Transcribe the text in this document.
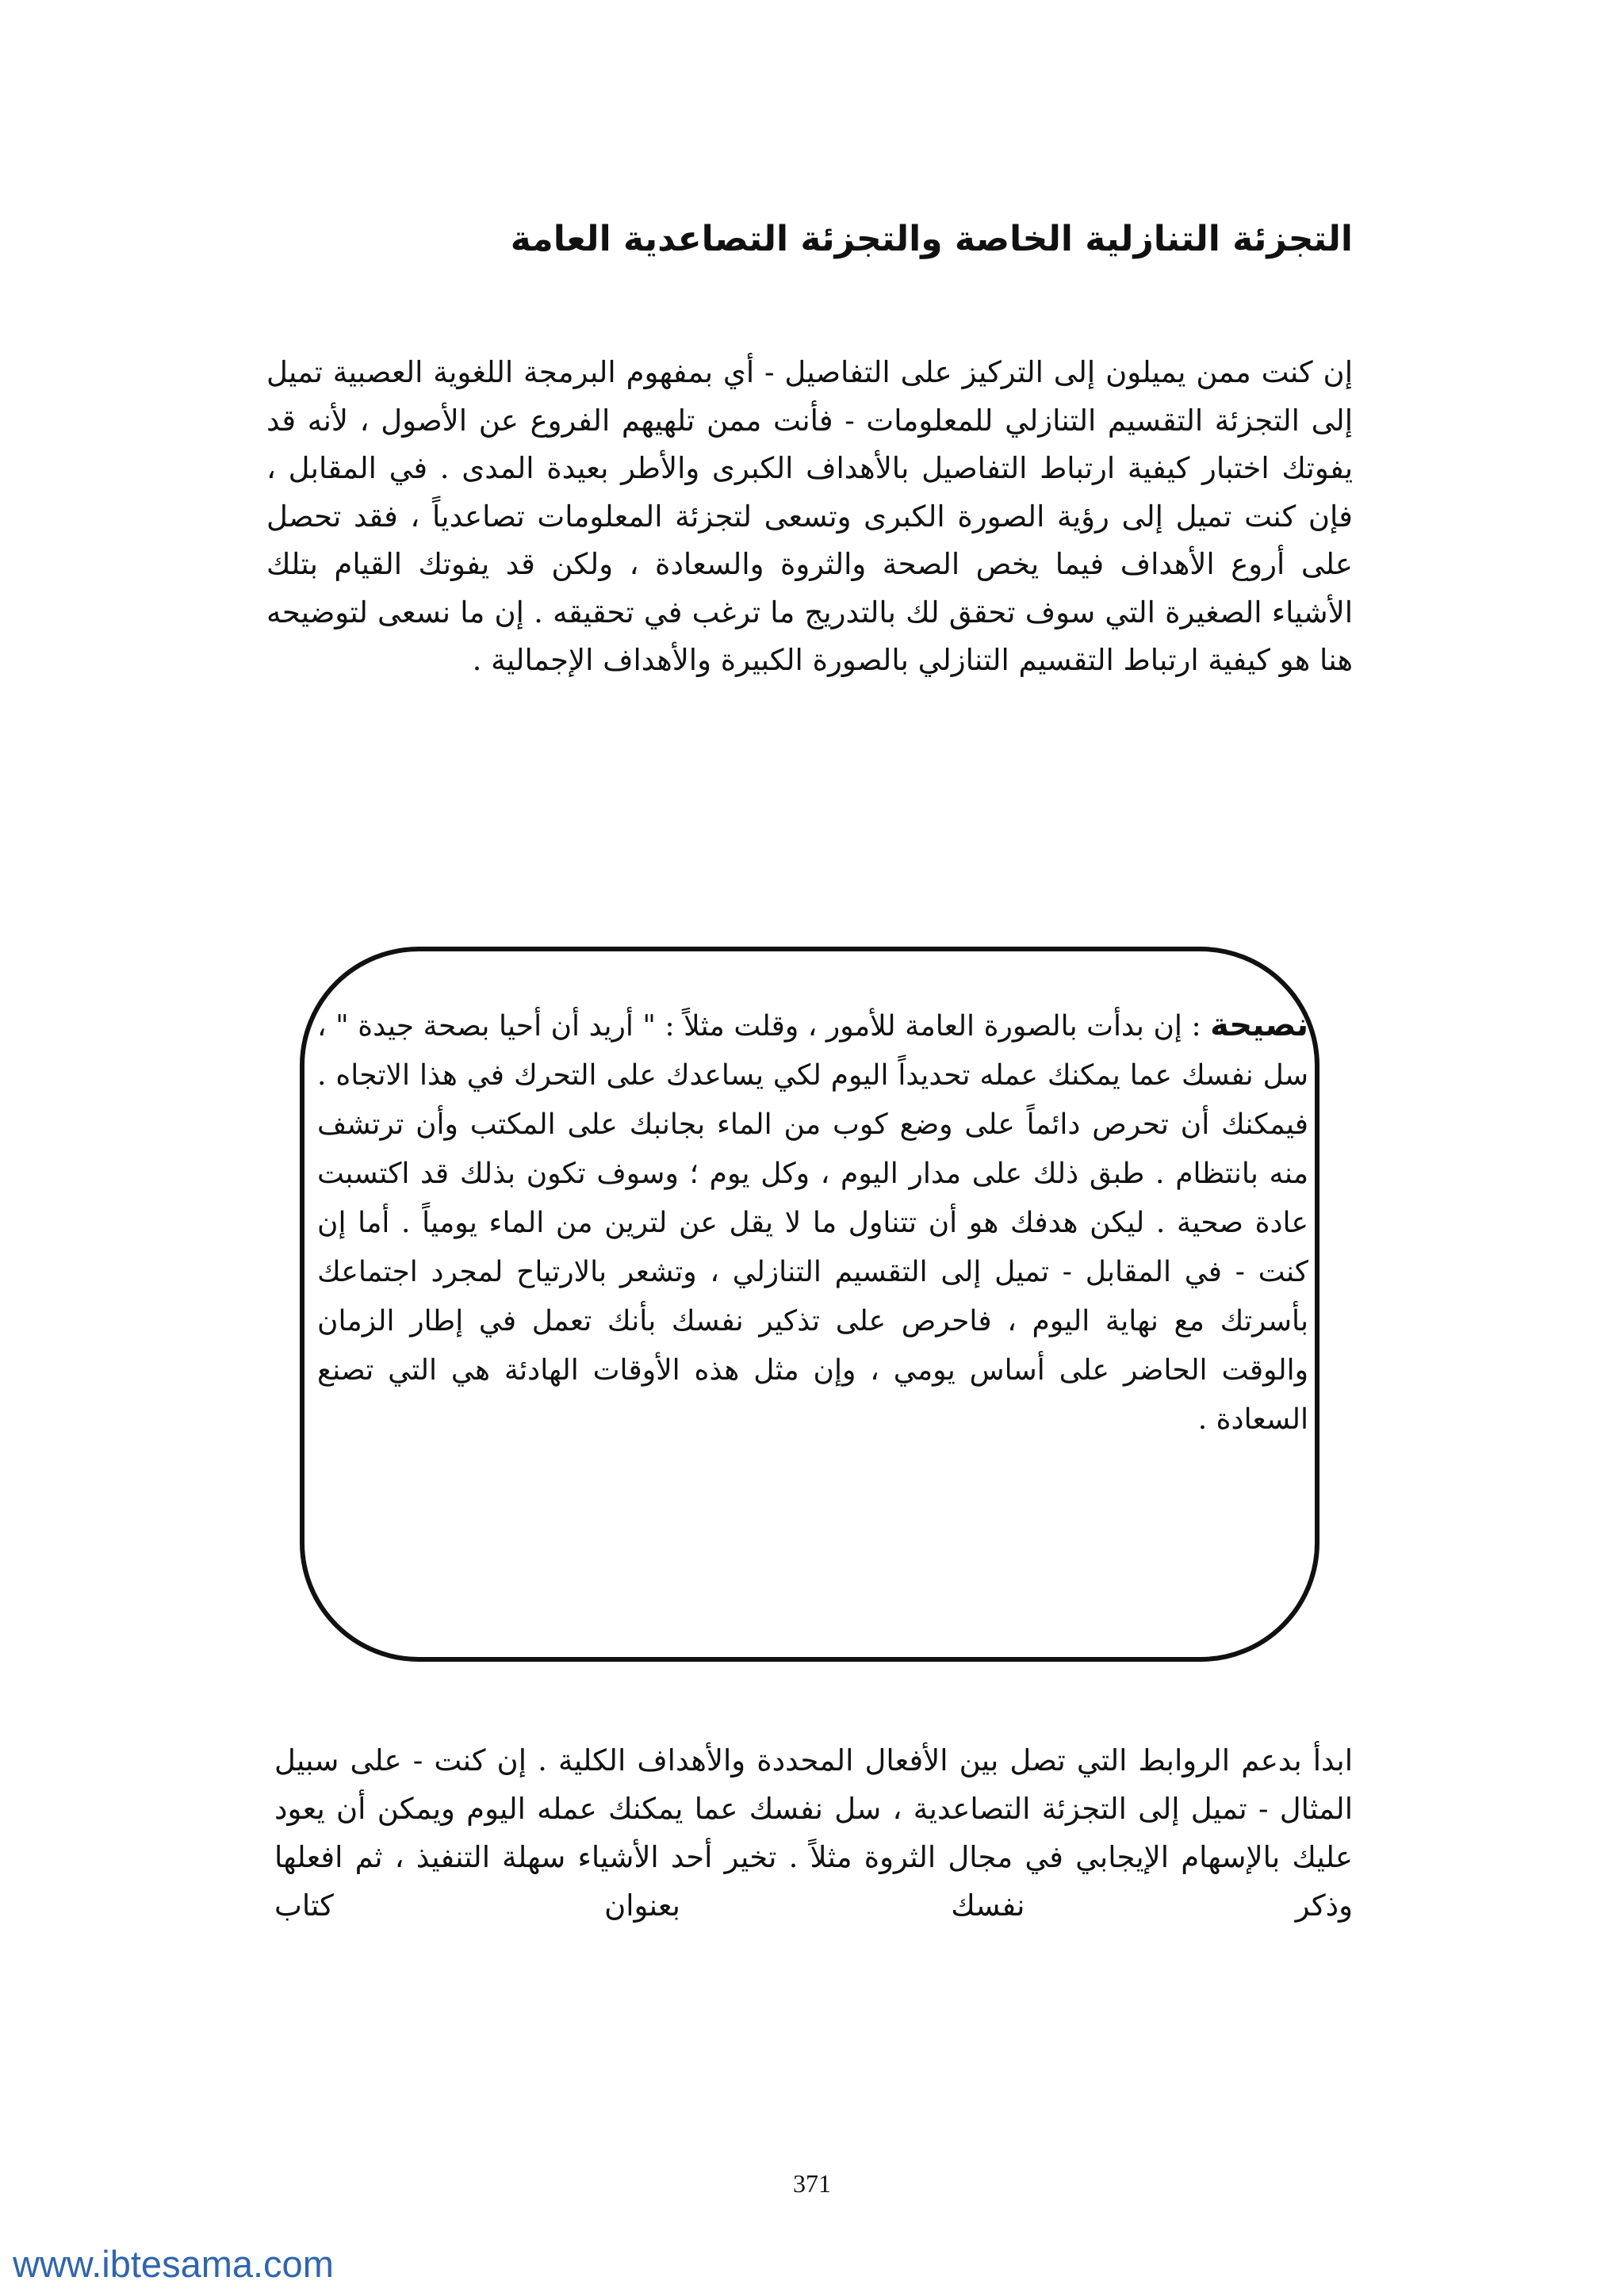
التجزئة التنازلية الخاصة والتجزئة التصاعدية العامة

إن كنت ممن يميلون إلى التركيز على التفاصيل - أي بمفهوم البرمجة اللغوية العصبية تميل إلى التجزئة التقسيم التنازلي للمعلومات - فأنت ممن تلهيهم الفروع عن الأصول ، لأنه قد يفوتك اختبار كيفية ارتباط التفاصيل بالأهداف الكبرى والأطر بعيدة المدى . في المقابل ، فإن كنت تميل إلى رؤية الصورة الكبرى وتسعى لتجزئة المعلومات تصاعدياً ، فقد تحصل على أروع الأهداف فيما يخص الصحة والثروة والسعادة ، ولكن قد يفوتك القيام بتلك الأشياء الصغيرة التي سوف تحقق لك بالتدريج ما ترغب في تحقيقه . إن ما نسعى لتوضيحه هنا هو كيفية ارتباط التقسيم التنازلي بالصورة الكبيرة والأهداف الإجمالية .

نصيحة : إن بدأت بالصورة العامة للأمور ، وقلت مثلاً : " أريد أن أحيا بصحة جيدة " ، سل نفسك عما يمكنك عمله تحديداً اليوم لكي يساعدك على التحرك في هذا الاتجاه . فيمكنك أن تحرص دائماً على وضع كوب من الماء بجانبك على المكتب وأن ترتشف منه بانتظام . طبق ذلك على مدار اليوم ، وكل يوم ؛ وسوف تكون بذلك قد اكتسبت عادة صحية . ليكن هدفك هو أن تتناول ما لا يقل عن لترين من الماء يومياً . أما إن كنت - في المقابل - تميل إلى التقسيم التنازلي ، وتشعر بالارتياح لمجرد اجتماعك بأسرتك مع نهاية اليوم ، فاحرص على تذكير نفسك بأنك تعمل في إطار الزمان والوقت الحاضر على أساس يومي ، وإن مثل هذه الأوقات الهادئة هي التي تصنع السعادة .

ابدأ بدعم الروابط التي تصل بين الأفعال المحددة والأهداف الكلية . إن كنت - على سبيل المثال - تميل إلى التجزئة التصاعدية ، سل نفسك عما يمكنك عمله اليوم ويمكن أن يعود عليك بالإسهام الإيجابي في مجال الثروة مثلاً . تخير أحد الأشياء سهلة التنفيذ ، ثم افعلها وذكر نفسك بعنوان كتاب

371

www.ibtesama.com
